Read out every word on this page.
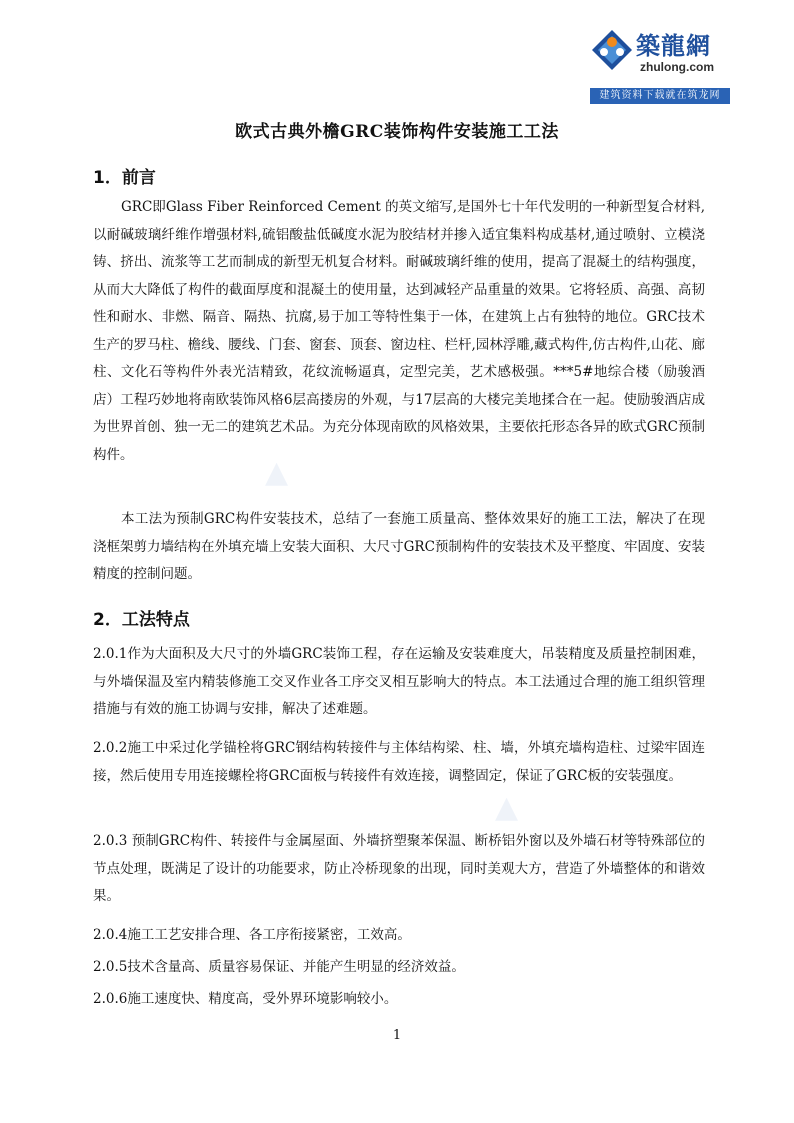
築龍網
zhulong.com
建筑资料下载就在筑龙网
▲
▲
欧式古典外檐GRC装饰构件安装施工工法
1．前言
GRC即Glass Fiber Reinforced Cement 的英文缩写,是国外七十年代发明的一种新型复合材料,以耐碱玻璃纤维作增强材料,硫铝酸盐低碱度水泥为胶结材并掺入适宜集料构成基材,通过喷射、立模浇铸、挤出、流浆等工艺而制成的新型无机复合材料。耐碱玻璃纤维的使用，提高了混凝土的结构强度，从而大大降低了构件的截面厚度和混凝土的使用量，达到减轻产品重量的效果。它将轻质、高强、高韧性和耐水、非燃、隔音、隔热、抗腐,易于加工等特性集于一体，在建筑上占有独特的地位。GRC技术生产的罗马柱、檐线、腰线、门套、窗套、顶套、窗边柱、栏杆,园林浮雕,藏式构件,仿古构件,山花、廊柱、文化石等构件外表光洁精致，花纹流畅逼真，定型完美，艺术感极强。***5#地综合楼（励骏酒店）工程巧妙地将南欧装饰风格6层高搂房的外观，与17层高的大楼完美地揉合在一起。使励骏酒店成为世界首创、独一无二的建筑艺术品。为充分体现南欧的风格效果，主要依托形态各异的欧式GRC预制构件。
本工法为预制GRC构件安装技术，总结了一套施工质量高、整体效果好的施工工法，解决了在现浇框架剪力墙结构在外填充墙上安装大面积、大尺寸GRC预制构件的安装技术及平整度、牢固度、安装精度的控制问题。
2．工法特点
2.0.1作为大面积及大尺寸的外墙GRC装饰工程，存在运输及安装难度大，吊装精度及质量控制困难，与外墙保温及室内精装修施工交叉作业各工序交叉相互影响大的特点。本工法通过合理的施工组织管理措施与有效的施工协调与安排，解决了述难题。
2.0.2施工中采过化学锚栓将GRC钢结构转接件与主体结构梁、柱、墙，外填充墙构造柱、过梁牢固连接，然后使用专用连接螺栓将GRC面板与转接件有效连接，调整固定，保证了GRC板的安装强度。
2.0.3 预制GRC构件、转接件与金属屋面、外墙挤塑聚苯保温、断桥铝外窗以及外墙石材等特殊部位的节点处理，既满足了设计的功能要求，防止冷桥现象的出现，同时美观大方，营造了外墙整体的和谐效果。
2.0.4施工工艺安排合理、各工序衔接紧密，工效高。
2.0.5技术含量高、质量容易保证、并能产生明显的经济效益。
2.0.6施工速度快、精度高，受外界环境影响较小。
1
